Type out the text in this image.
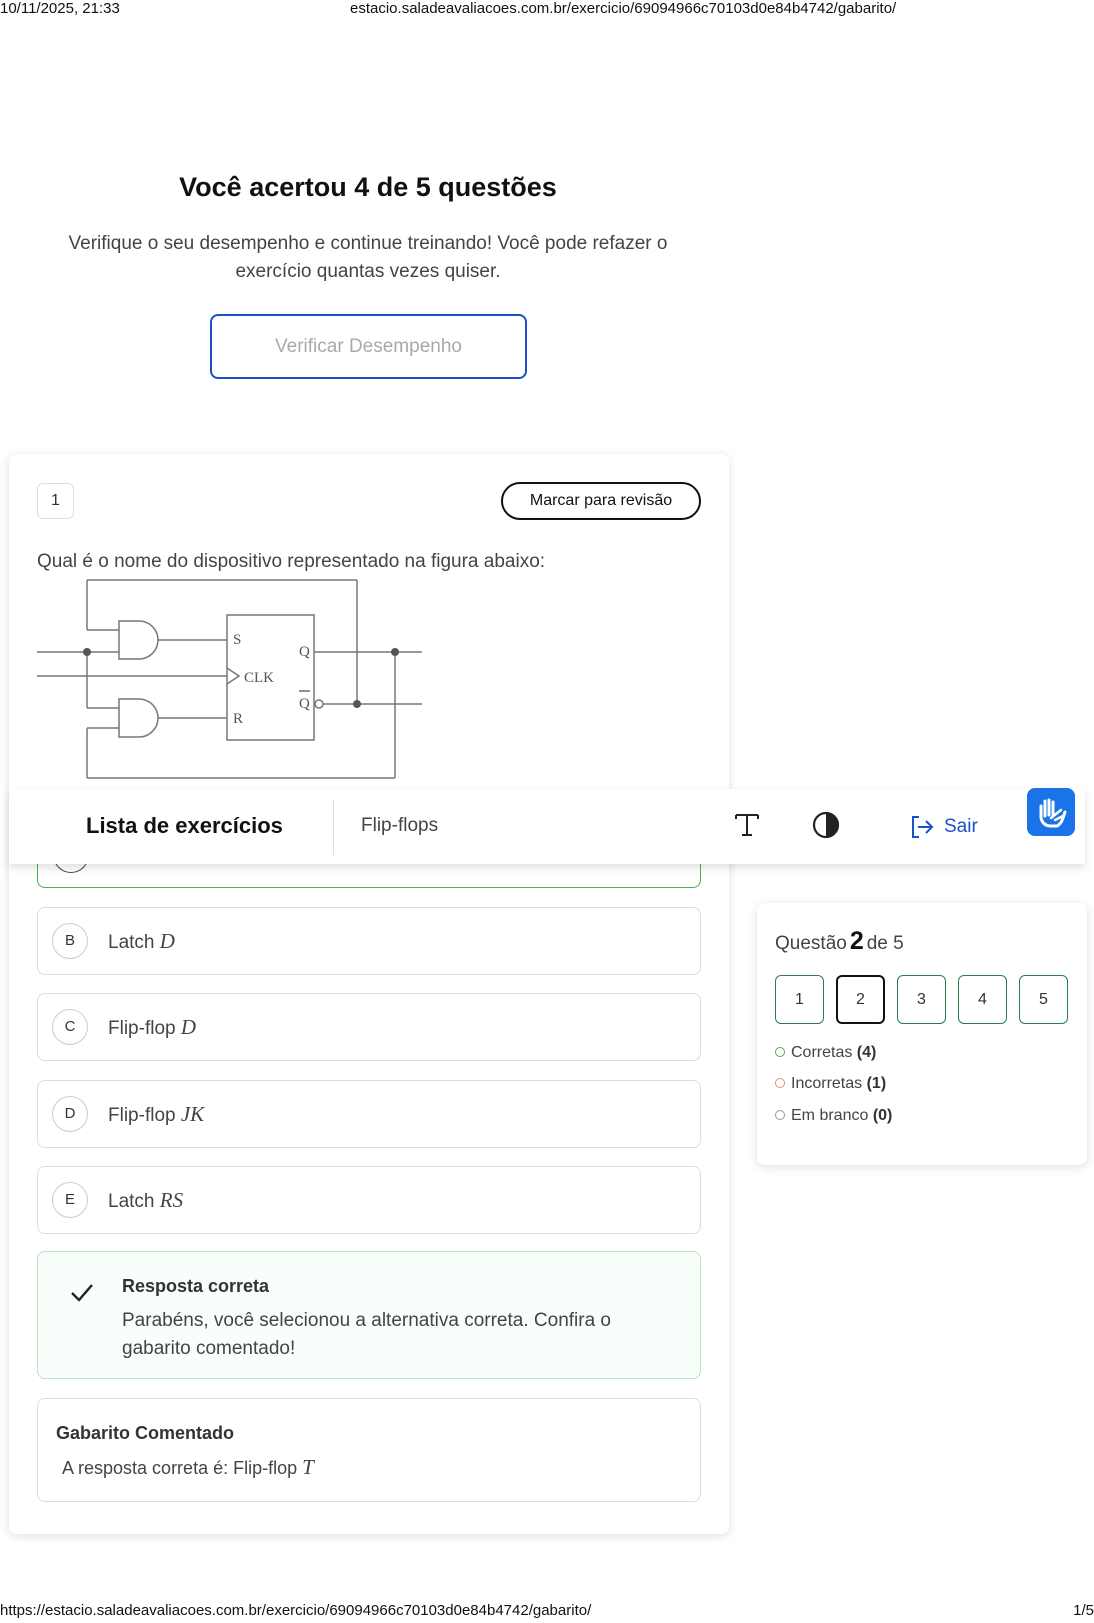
10/11/2025, 21:33	estacio.saladeavaliacoes.com.br/exercicio/69094966c70103d0e84b4742/gabarito/
Você acertou 4 de 5 questões
Verifique o seu desempenho e continue treinando! Você pode refazer o exercício quantas vezes quiser.
Verificar Desempenho
1	Marcar para revisão
Qual é o nome do dispositivo representado na figura abaixo:
S
CLK
R
Q
Q
B	Latch D
C	Flip-flop D
D	Flip-flop JK
E	Latch RS
Resposta correta
Parabéns, você selecionou a alternativa correta. Confira o gabarito comentado!
Gabarito Comentado
A resposta correta é: Flip-flop T
Lista de exercícios	Flip-flops	Sair
Questão 2 de 5
1	2	3	4	5
Corretas (4)
Incorretas (1)
Em branco (0)
https://estacio.saladeavaliacoes.com.br/exercicio/69094966c70103d0e84b4742/gabarito/	1/5
